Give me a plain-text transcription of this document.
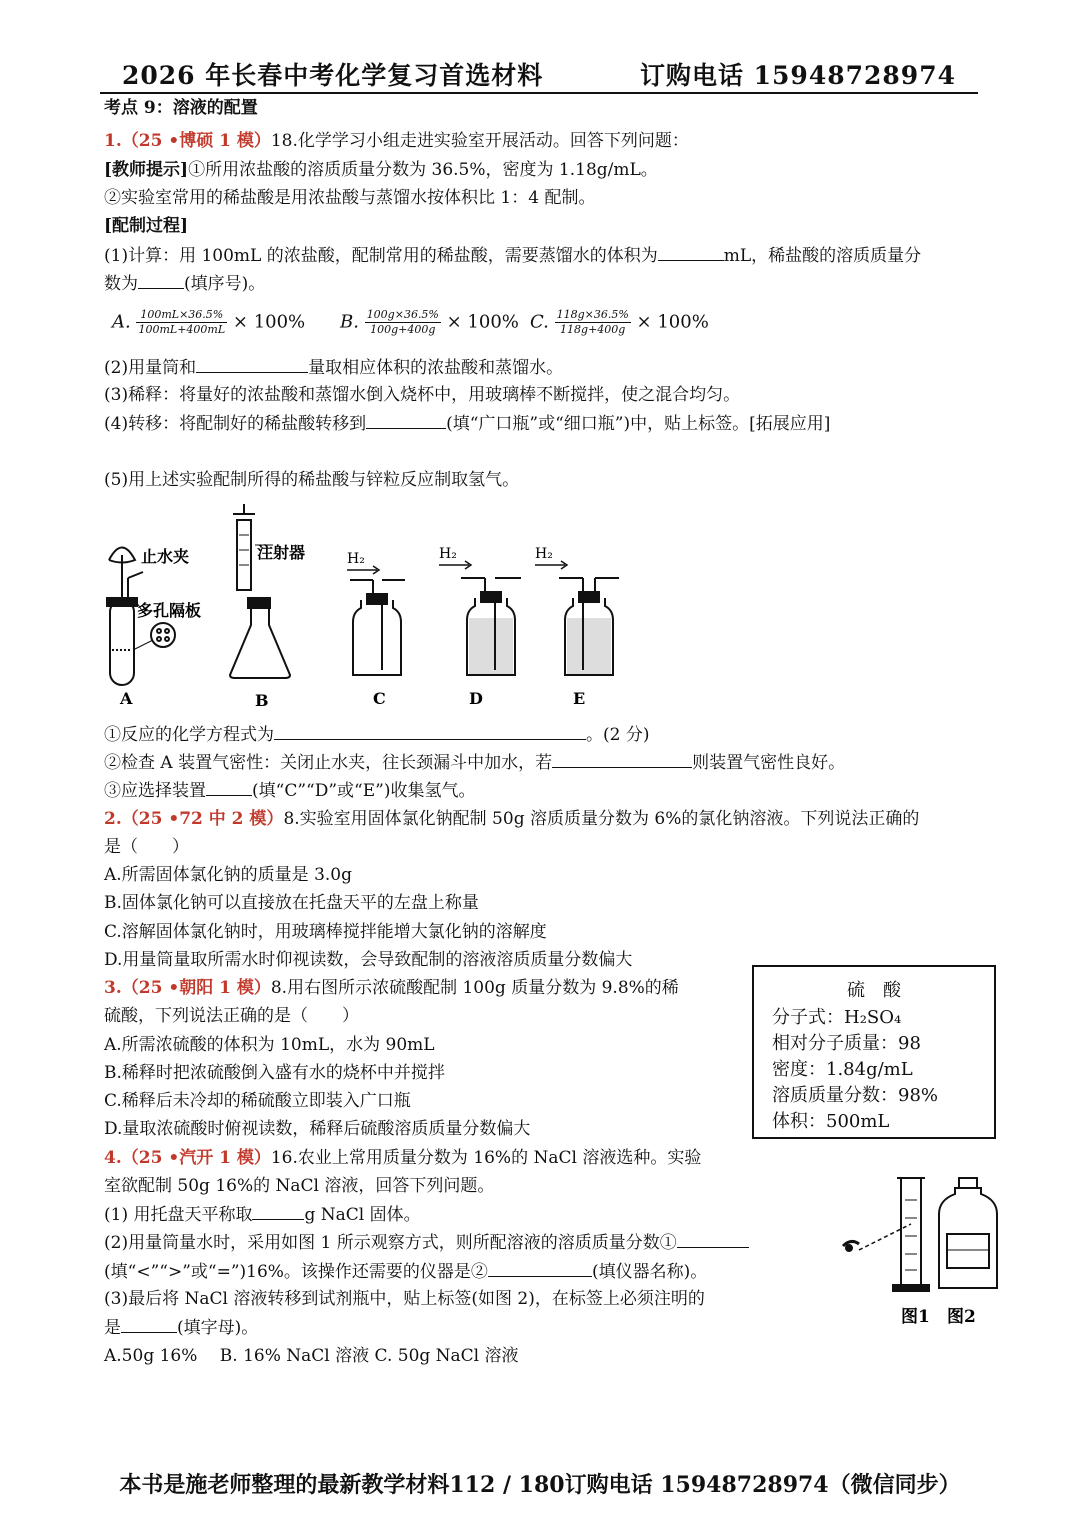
2026 年长春中考化学复习首选材料	订购电话 15948728974
考点 9：溶液的配置
1.（25 •博硕 1 模）18.化学学习小组走进实验室开展活动。回答下列问题：
[教师提示]①所用浓盐酸的溶质质量分数为 36.5%，密度为 1.18g/mL。
②实验室常用的稀盐酸是用浓盐酸与蒸馏水按体积比 1：4 配制。
[配制过程]
(1)计算：用 100mL 的浓盐酸，配制常用的稀盐酸，需要蒸馏水的体积为	mL，稀盐酸的溶质质量分
数为	(填序号)。
A. $\frac{100mL\times 36.5\%}{100mL+400mL} \times 100\%$ B. $\frac{100g\times 36.5\%}{100g+400g} \times 100\%$ C. $\frac{118g\times 36.5\%}{118g+400g} \times 100\%$
(2)用量筒和	量取相应体积的浓盐酸和蒸馏水。
(3)稀释：将量好的浓盐酸和蒸馏水倒入烧杯中，用玻璃棒不断搅拌，使之混合均匀。
(4)转移：将配制好的稀盐酸转移到	(填“广口瓶”或“细口瓶”)中，贴上标签。[拓展应用]
(5)用上述实验配制所得的稀盐酸与锌粒反应制取氢气。
止水夹
多孔隔板
注射器	H₂	H₂	H₂
A	B	C	D	E
①反应的化学方程式为	。(2 分)
②检查 A 装置气密性：关闭止水夹，往长颈漏斗中加水，若	则装置气密性良好。
③应选择装置	(填“C”“D”或“E”)收集氢气。
2.（25 •72 中 2 模）8.实验室用固体氯化钠配制 50g 溶质质量分数为 6%的氯化钠溶液。下列说法正确的
是（　　）
A.所需固体氯化钠的质量是 3.0g
B.固体氯化钠可以直接放在托盘天平的左盘上称量
C.溶解固体氯化钠时，用玻璃棒搅拌能增大氯化钠的溶解度
D.用量筒量取所需水时仰视读数，会导致配制的溶液溶质质量分数偏大
硫　酸
分子式：H₂SO₄
相对分子质量：98
密度：1.84g/mL
溶质质量分数：98%
体积：500mL
3.（25 •朝阳 1 模）8.用右图所示浓硫酸配制 100g 质量分数为 9.8%的稀
硫酸，下列说法正确的是（　　）
A.所需浓硫酸的体积为 10mL，水为 90mL
B.稀释时把浓硫酸倒入盛有水的烧杯中并搅拌
C.稀释后未冷却的稀硫酸立即装入广口瓶
D.量取浓硫酸时俯视读数，稀释后硫酸溶质质量分数偏大
4.（25 •汽开 1 模）16.农业上常用质量分数为 16%的 NaCl 溶液选种。实验
室欲配制 50g 16%的 NaCl 溶液，回答下列问题。
(1) 用托盘天平称取	g NaCl 固体。
(2)用量筒量水时，采用如图 1 所示观察方式，则所配溶液的溶质质量分数①
(填“<”“>”或“=”)16%。该操作还需要的仪器是②	(填仪器名称)。
(3)最后将 NaCl 溶液转移到试剂瓶中，贴上标签(如图 2)，在标签上必须注明的
是	(填字母)。
A.50g 16%　 B. 16% NaCl 溶液 C. 50g NaCl 溶液
图1 图2
本书是施老师整理的最新教学材料112 / 180订购电话 15948728974（微信同步）
